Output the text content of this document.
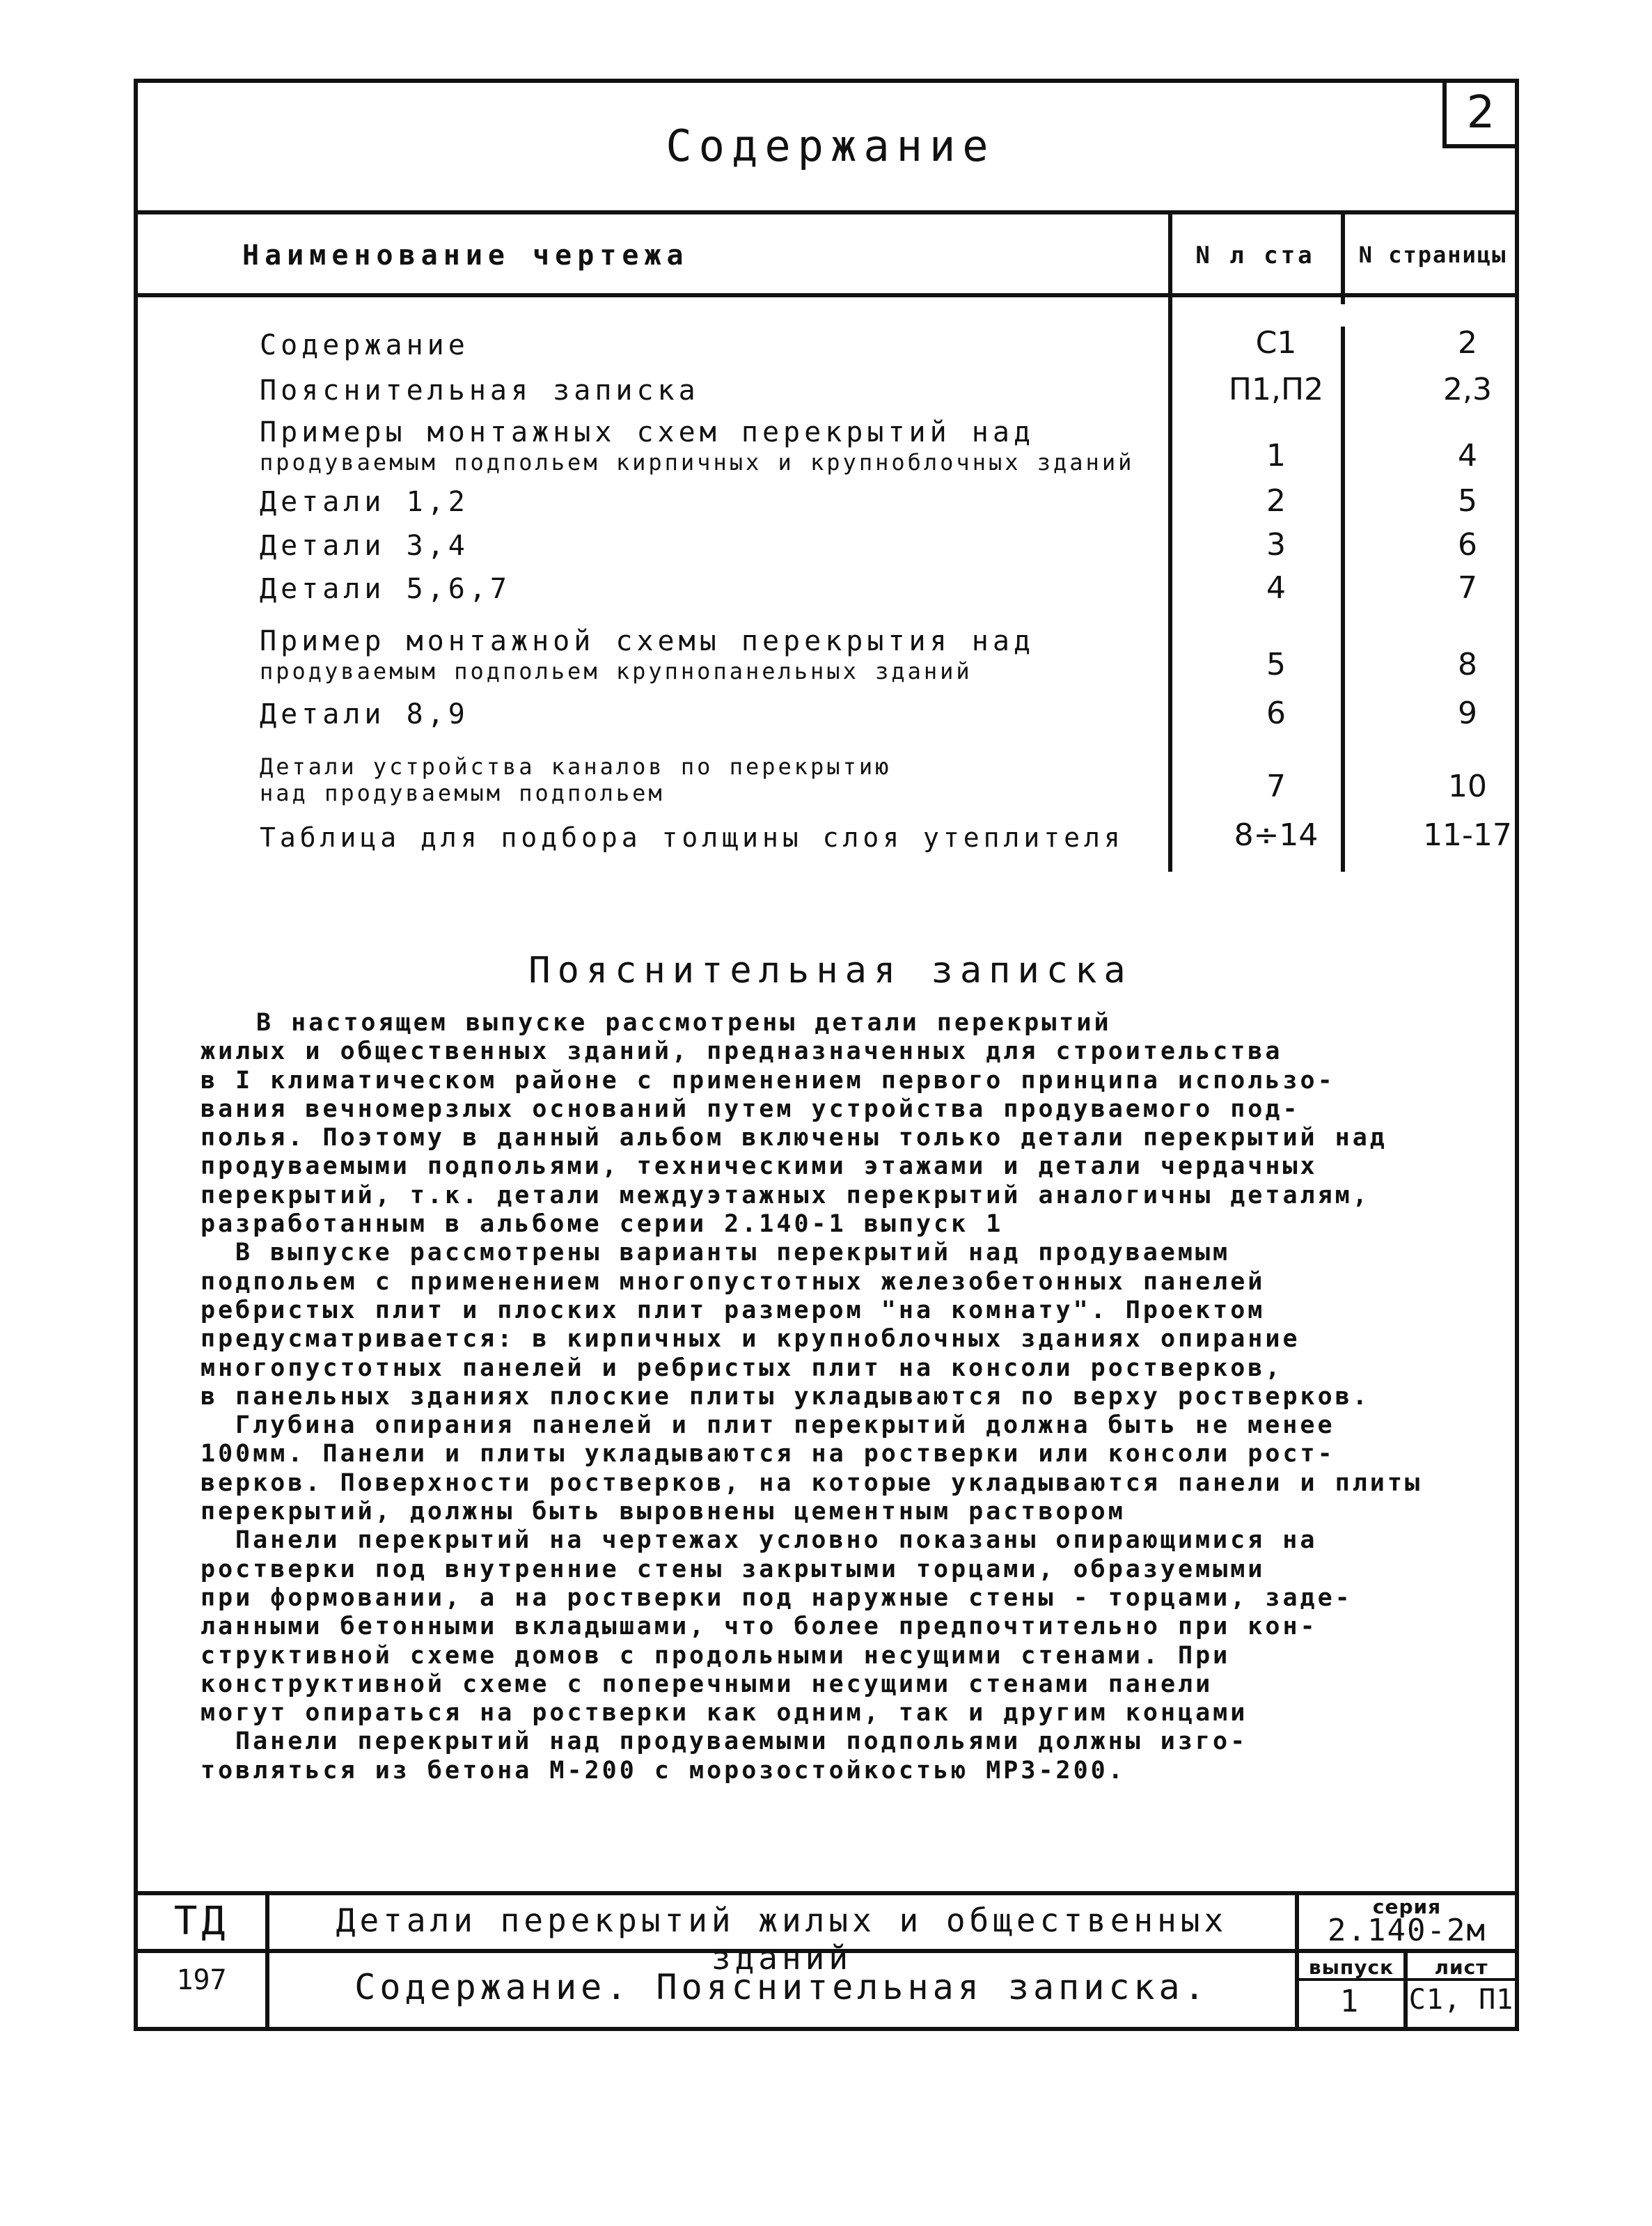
Содержание
2
Наименование чертежа	N л ста	N страницы
Содержание	С1	2
Пояснительная записка	П1,П2	2,3
Примеры монтажных схем перекрытий над
продуваемым подпольем кирпичных и крупноблочных зданий	1	4
Детали 1,2	2	5
Детали 3,4	3	6
Детали 5,6,7	4	7
Пример монтажной схемы перекрытия над
продуваемым подпольем крупнопанельных зданий	5	8
Детали 8,9	6	9
Детали устройства каналов по перекрытию
над продуваемым подпольем	7	10
Таблица для подбора толщины слоя утеплителя	8÷14	11-17
Пояснительная записка

В настоящем выпуске рассмотрены детали перекрытий

жилых и общественных зданий, предназначенных для строительства

в I климатическом районе с применением первого принципа использо-

вания вечномерзлых оснований путем устройства продуваемого под-

полья. Поэтому в данный альбом включены только детали перекрытий над

продуваемыми подпольями, техническими этажами и детали чердачных

перекрытий, т.к. детали междуэтажных перекрытий аналогичны деталям,

разработанным в альбоме серии 2.140-1 выпуск 1

В выпуске рассмотрены варианты перекрытий над продуваемым

подпольем с применением многопустотных железобетонных панелей

ребристых плит и плоских плит размером "на комнату". Проектом

предусматривается: в кирпичных и крупноблочных зданиях опирание

многопустотных панелей и ребристых плит на консоли ростверков,

в панельных зданиях плоские плиты укладываются по верху ростверков.

Глубина опирания панелей и плит перекрытий должна быть не менее

100мм. Панели и плиты укладываются на ростверки или консоли рост-

верков. Поверхности ростверков, на которые укладываются панели и плиты

перекрытий, должны быть выровнены цементным раствором

Панели перекрытий на чертежах условно показаны опирающимися на

ростверки под внутренние стены закрытыми торцами, образуемыми

при формовании, а на ростверки под наружные стены - торцами, заде-

ланными бетонными вкладышами, что более предпочтительно при кон-

структивной схеме домов с продольными несущими стенами. При

конструктивной схеме с поперечными несущими стенами панели

могут опираться на ростверки как одним, так и другим концами

Панели перекрытий над продуваемыми подпольями должны изго-

товляться из бетона М-200 с морозостойкостью МРЗ-200.

ТД
197
Детали перекрытий жилых и общественных зданий
Содержание. Пояснительная записка.
серия
2.140-2м
выпуск
1
лист
С1, П1
